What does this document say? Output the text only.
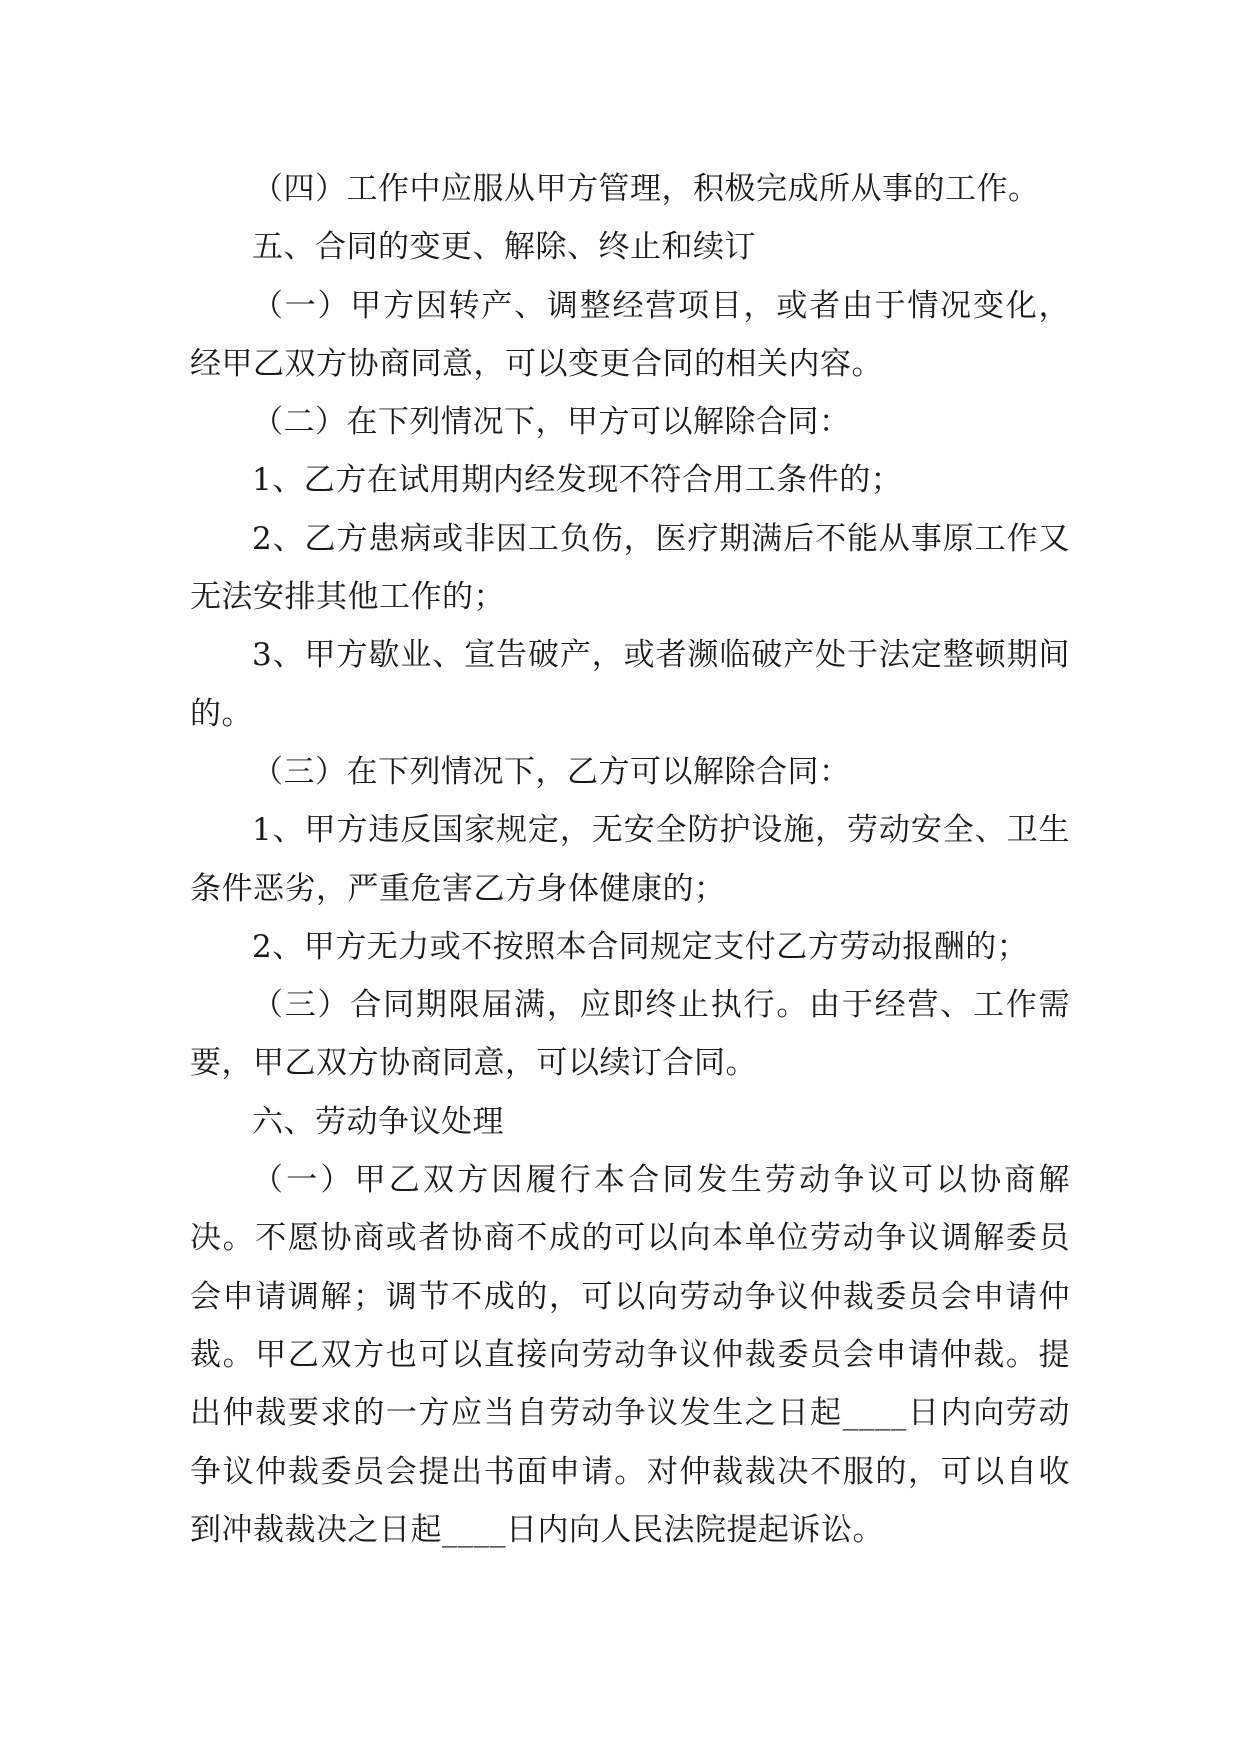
（四）工作中应服从甲方管理，积极完成所从事的工作。

五、合同的变更、解除、终止和续订

（一）甲方因转产、调整经营项目，或者由于情况变化，经甲乙双方协商同意，可以变更合同的相关内容。

（二）在下列情况下，甲方可以解除合同：

1、乙方在试用期内经发现不符合用工条件的；

2、乙方患病或非因工负伤，医疗期满后不能从事原工作又无法安排其他工作的；

3、甲方歇业、宣告破产，或者濒临破产处于法定整顿期间的。

（三）在下列情况下，乙方可以解除合同：

1、甲方违反国家规定，无安全防护设施，劳动安全、卫生条件恶劣，严重危害乙方身体健康的；

2、甲方无力或不按照本合同规定支付乙方劳动报酬的；

（三）合同期限届满，应即终止执行。由于经营、工作需要，甲乙双方协商同意，可以续订合同。

六、劳动争议处理

（一）甲乙双方因履行本合同发生劳动争议可以协商解决。不愿协商或者协商不成的可以向本单位劳动争议调解委员会申请调解；调节不成的，可以向劳动争议仲裁委员会申请仲裁。甲乙双方也可以直接向劳动争议仲裁委员会申请仲裁。提出仲裁要求的一方应当自劳动争议发生之日起____日内向劳动争议仲裁委员会提出书面申请。对仲裁裁决不服的，可以自收到冲裁裁决之日起____日内向人民法院提起诉讼。
